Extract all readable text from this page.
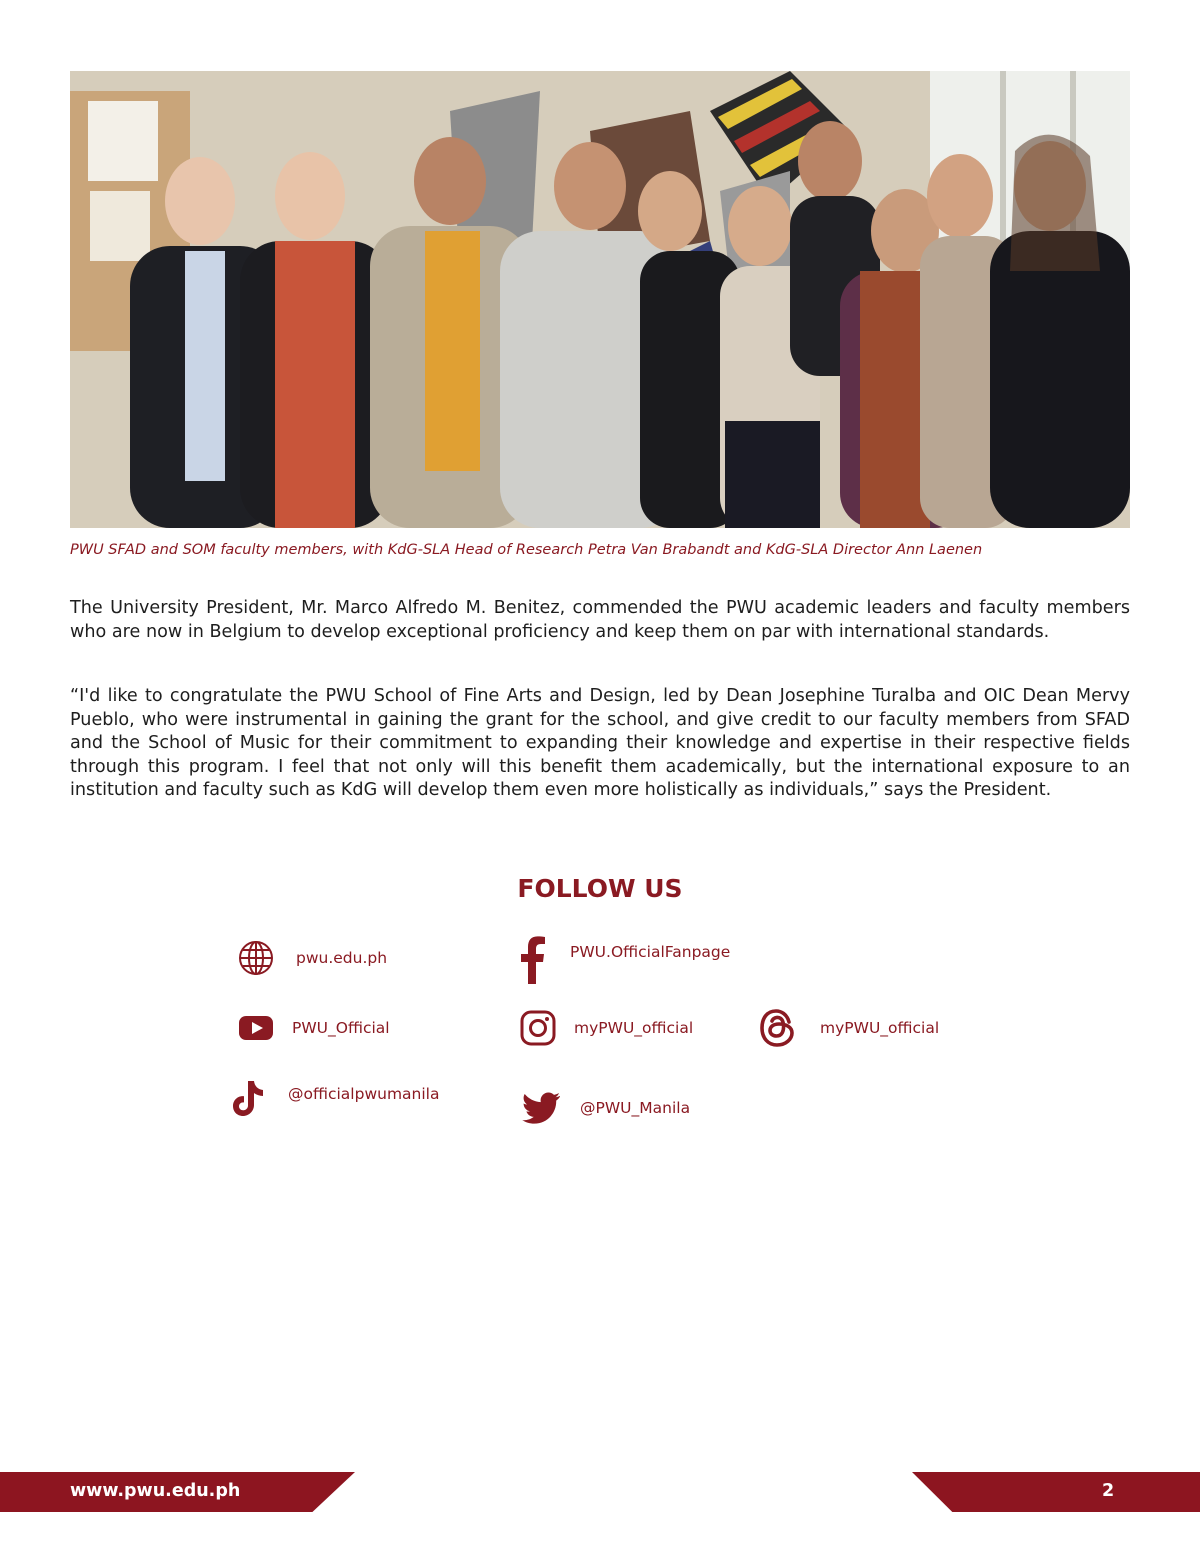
PWU SFAD and SOM faculty members, with KdG-SLA Head of Research Petra Van Brabandt and KdG-SLA Director Ann Laenen

The University President, Mr. Marco Alfredo M. Benitez, commended the PWU academic leaders and faculty members who are now in Belgium to develop exceptional proficiency and keep them on par with international standards.

“I'd like to congratulate the PWU School of Fine Arts and Design, led by Dean Josephine Turalba and OIC Dean Mervy Pueblo, who were instrumental in gaining the grant for the school, and give credit to our faculty members from SFAD and the School of Music for their commitment to expanding their knowledge and expertise in their respective fields through this program. I feel that not only will this benefit them academically, but the international exposure to an institution and faculty such as KdG will develop them even more holistically as individuals,” says the President.

FOLLOW US
pwu.edu.ph	PWU.OfficialFanpage
PWU_Official	myPWU_official	myPWU_official
@officialpwumanila
@PWU_Manila
www.pwu.edu.ph	2
